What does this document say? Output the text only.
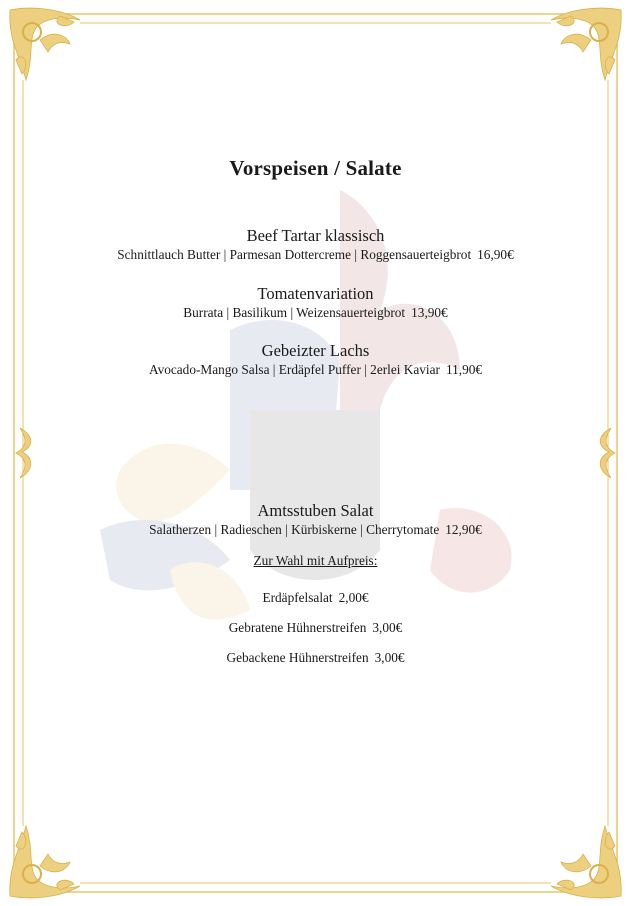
Vorspeisen / Salate
Beef Tartar klassisch
Schnittlauch Butter | Parmesan Dottercreme | Roggensauerteigbrot 16,90€
Tomatenvariation
Burrata | Basilikum | Weizensauerteigbrot 13,90€
Gebeizter Lachs
Avocado-Mango Salsa | Erdäpfel Puffer | 2erlei Kaviar 11,90€
Amtsstuben Salat
Salatherzen | Radieschen | Kürbiskerne | Cherrytomate 12,90€
Zur Wahl mit Aufpreis:
Erdäpfelsalat 2,00€
Gebratene Hühnerstreifen 3,00€
Gebackene Hühnerstreifen 3,00€
